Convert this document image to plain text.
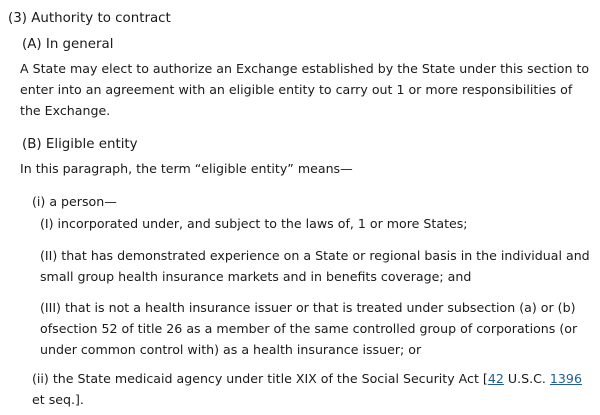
(3) Authority to contract
(A) In general
A State may elect to authorize an Exchange established by the State under this section to enter into an agreement with an eligible entity to carry out 1 or more responsibilities of the Exchange.
(B) Eligible entity
In this paragraph, the term “eligible entity” means—
(i) a person—
(I) incorporated under, and subject to the laws of, 1 or more States;
(II) that has demonstrated experience on a State or regional basis in the individual and small group health insurance markets and in benefits coverage; and
(III) that is not a health insurance issuer or that is treated under subsection (a) or (b) ofsection 52 of title 26 as a member of the same controlled group of corporations (or under common control with) as a health insurance issuer; or
(ii) the State medicaid agency under title XIX of the Social Security Act [42 U.S.C. 1396 et seq.].
